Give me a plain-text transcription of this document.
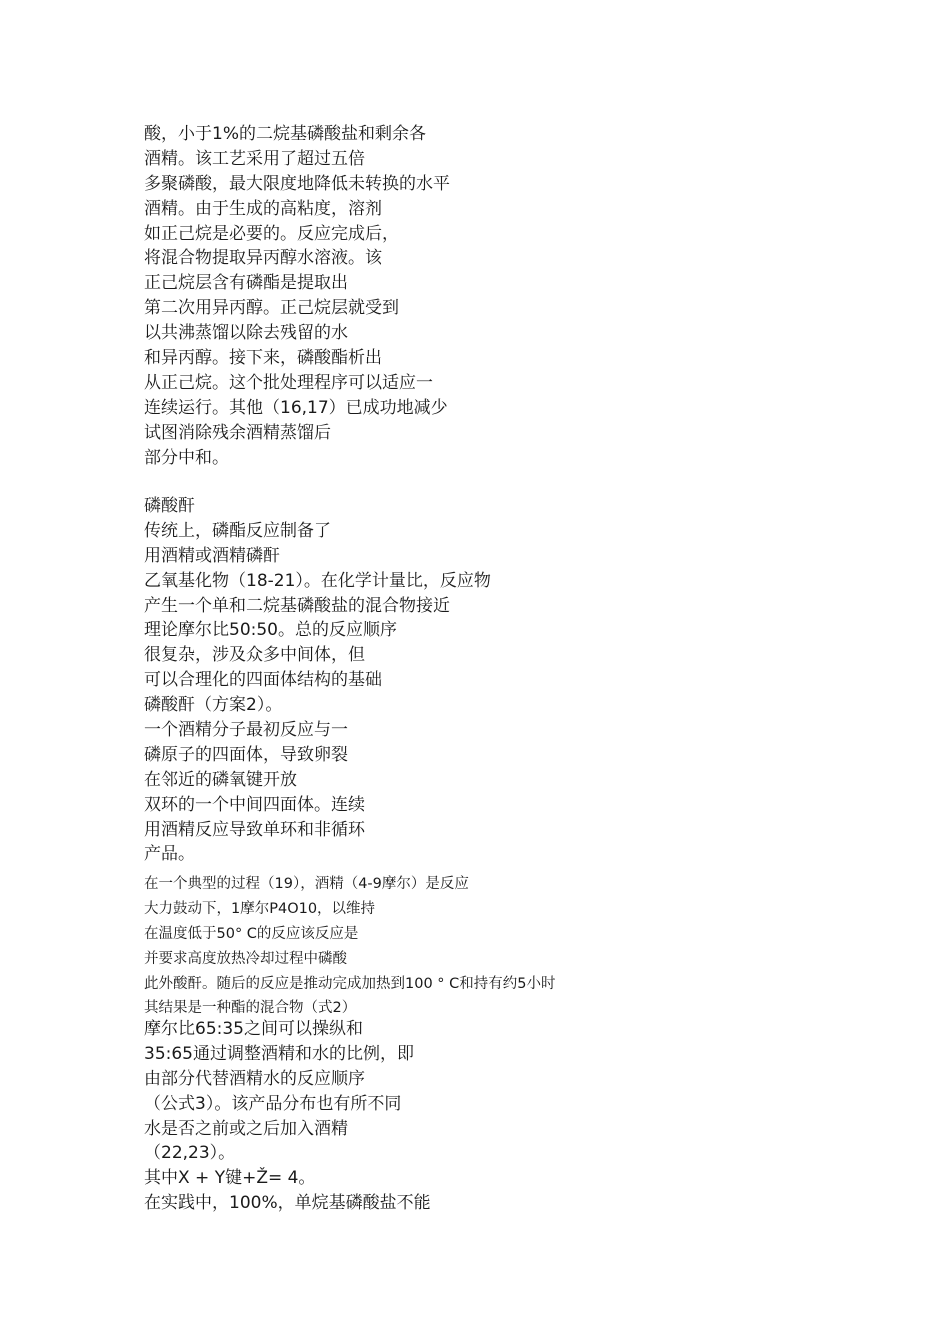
酸，小于1%的二烷基磷酸盐和剩余各
酒精。该工艺采用了超过五倍
多聚磷酸，最大限度地降低未转换的水平
酒精。由于生成的高粘度，溶剂
如正己烷是必要的。反应完成后，
将混合物提取异丙醇水溶液。该
正己烷层含有磷酯是提取出
第二次用异丙醇。正己烷层就受到
以共沸蒸馏以除去残留的水
和异丙醇。接下来，磷酸酯析出
从正己烷。这个批处理程序可以适应一
连续运行。其他（16,17）已成功地减少
试图消除残余酒精蒸馏后
部分中和。
磷酸酐
传统上，磷酯反应制备了
用酒精或酒精磷酐
乙氧基化物（18-21）。在化学计量比，反应物
产生一个单和二烷基磷酸盐的混合物接近
理论摩尔比50:50。总的反应顺序
很复杂，涉及众多中间体，但
可以合理化的四面体结构的基础
磷酸酐（方案2）。
一个酒精分子最初反应与一
磷原子的四面体，导致卵裂
在邻近的磷氧键开放
双环的一个中间四面体。连续
用酒精反应导致单环和非循环
产品。
在一个典型的过程（19），酒精（4-9摩尔）是反应
大力鼓动下，1摩尔P4O10，以维持
在温度低于50° C的反应该反应是
并要求高度放热冷却过程中磷酸
此外酸酐。随后的反应是推动完成加热到100 ° C和持有约5小时
其结果是一种酯的混合物（式2）
摩尔比65:35之间可以操纵和
35:65通过调整酒精和水的比例，即
由部分代替酒精水的反应顺序
（公式3）。该产品分布也有所不同
水是否之前或之后加入酒精
（22,23）。
其中X + Y键+Ž= 4。
在实践中，100%，单烷基磷酸盐不能
